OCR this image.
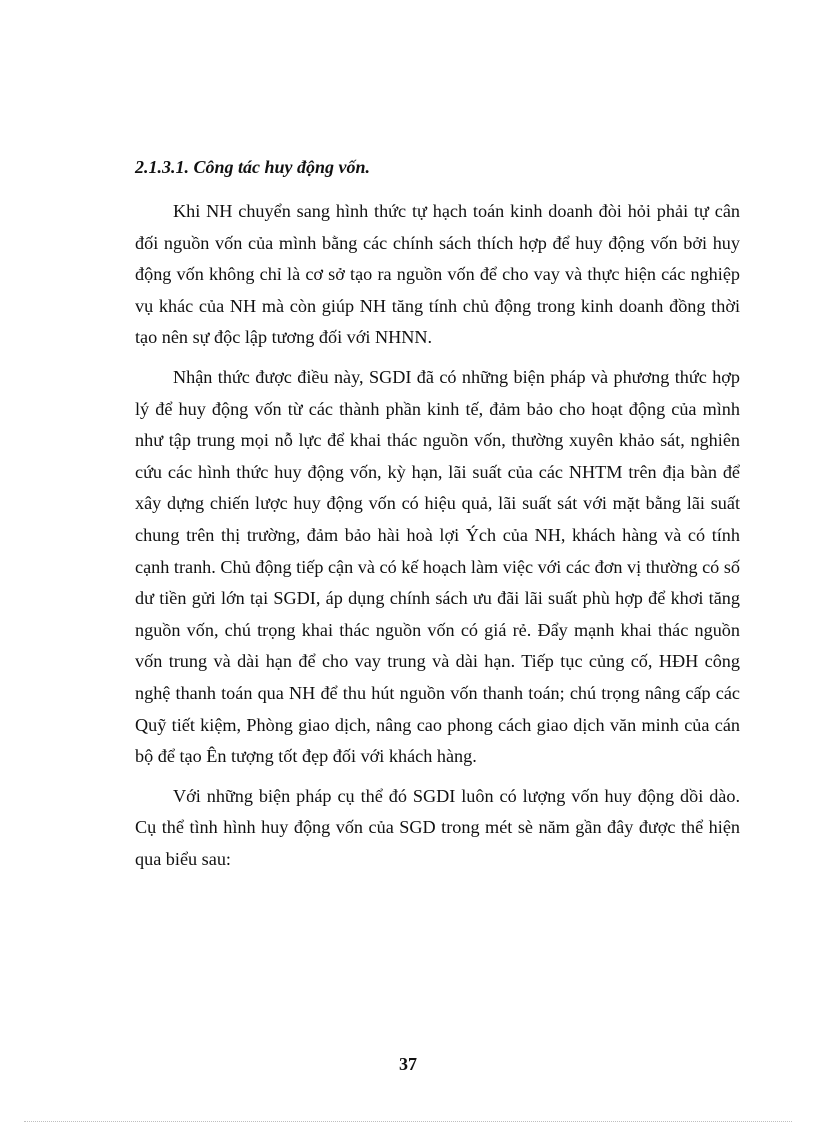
2.1.3.1. Công tác huy động vốn.

Khi NH chuyển sang hình thức tự hạch toán kinh doanh đòi hỏi phải tự cân đối nguồn vốn của mình bằng các chính sách thích hợp để huy động vốn bởi huy động vốn không chỉ là cơ sở tạo ra nguồn vốn để cho vay và thực hiện các nghiệp vụ khác của NH mà còn giúp NH tăng tính chủ động trong kinh doanh đồng thời tạo nên sự độc lập tương đối với NHNN.

Nhận thức được điều này, SGDI đã có những biện pháp và phương thức hợp lý để huy động vốn từ các thành phần kinh tế, đảm bảo cho hoạt động của mình như tập trung mọi nỗ lực để khai thác nguồn vốn, thường xuyên khảo sát, nghiên cứu các hình thức huy động vốn, kỳ hạn, lãi suất của các NHTM trên địa bàn để xây dựng chiến lược huy động vốn có hiệu quả, lãi suất sát với mặt bằng lãi suất chung trên thị trường, đảm bảo hài hoà lợi Ých của NH, khách hàng và có tính cạnh tranh. Chủ động tiếp cận và có kế hoạch làm việc với các đơn vị thường có số dư tiền gửi lớn tại SGDI, áp dụng chính sách ưu đãi lãi suất phù hợp để khơi tăng nguồn vốn, chú trọng khai thác nguồn vốn có giá rẻ. Đẩy mạnh khai thác nguồn vốn trung và dài hạn để cho vay trung và dài hạn. Tiếp tục củng cố, HĐH công nghệ thanh toán qua NH để thu hút nguồn vốn thanh toán; chú trọng nâng cấp các Quỹ tiết kiệm, Phòng giao dịch, nâng cao phong cách giao dịch văn minh của cán bộ để tạo Ên tượng tốt đẹp đối với khách hàng.

Với những biện pháp cụ thể đó SGDI luôn có lượng vốn huy động dồi dào. Cụ thể tình hình huy động vốn của SGD trong mét sè năm gần đây được thể hiện qua biểu sau:

37
